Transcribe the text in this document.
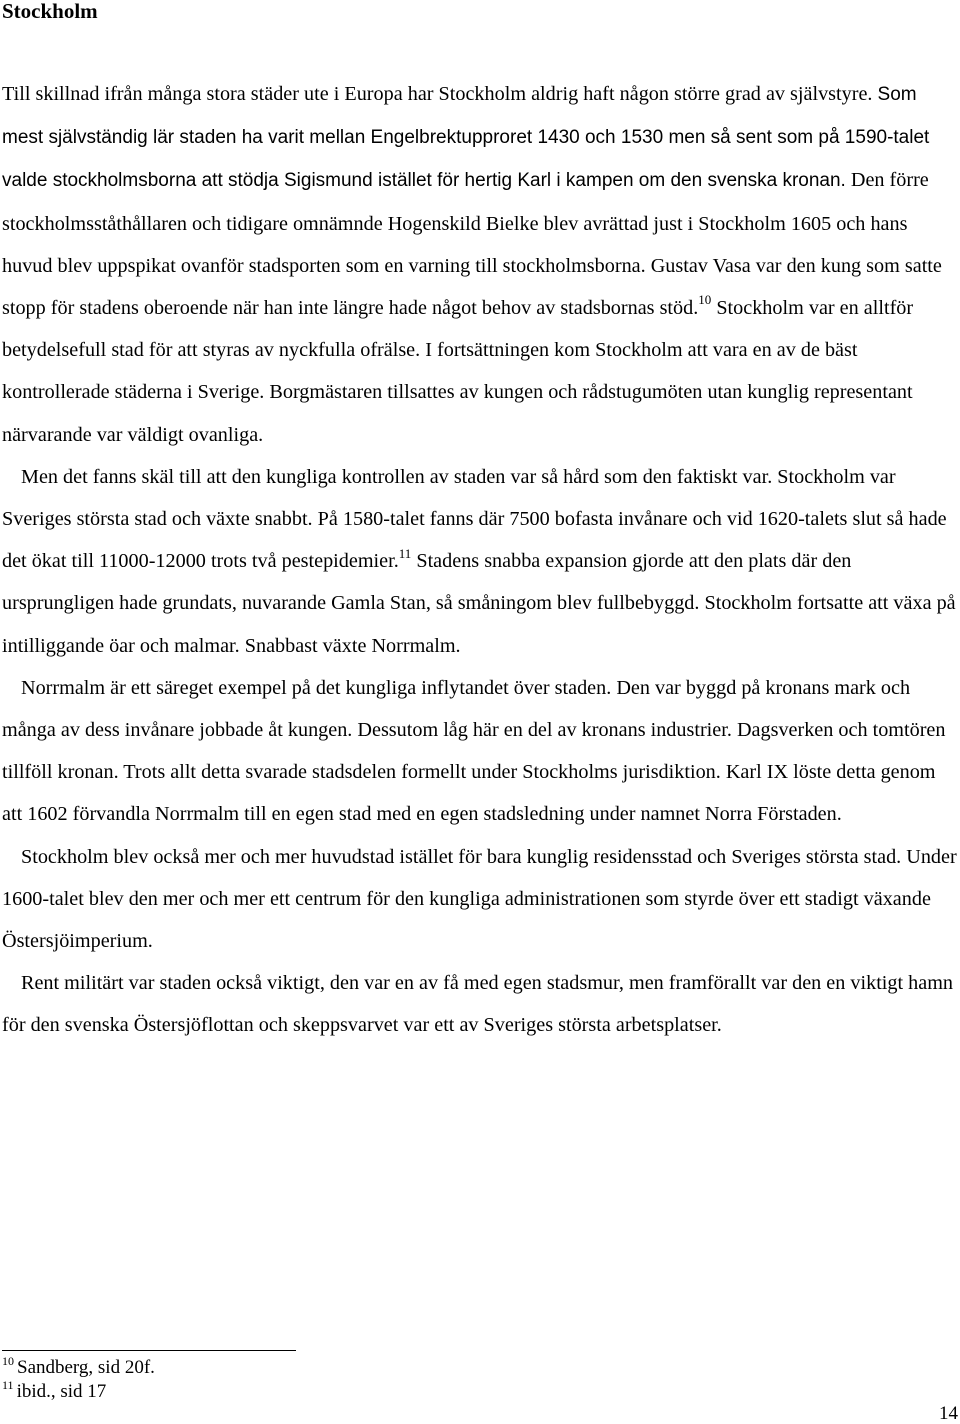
Stockholm

Till skillnad ifrån många stora städer ute i Europa har Stockholm aldrig haft någon större grad av självstyre. Som mest självständig lär staden ha varit mellan Engelbrektupproret 1430 och 1530 men så sent som på 1590-talet valde stockholmsborna att stödja Sigismund istället för hertig Karl i kampen om den svenska kronan. Den förre stockholmsståthållaren och tidigare omnämnde Hogenskild Bielke blev avrättad just i Stockholm 1605 och hans huvud blev uppspikat ovanför stadsporten som en varning till stockholmsborna. Gustav Vasa var den kung som satte stopp för stadens oberoende när han inte längre hade något behov av stadsbornas stöd.$^{10}$ Stockholm var en alltför betydelsefull stad för att styras av nyckfulla ofrälse. I fortsättningen kom Stockholm att vara en av de bäst kontrollerade städerna i Sverige. Borgmästaren tillsattes av kungen och rådstugumöten utan kunglig representant närvarande var väldigt ovanliga.

Men det fanns skäl till att den kungliga kontrollen av staden var så hård som den faktiskt var. Stockholm var Sveriges största stad och växte snabbt. På 1580-talet fanns där 7500 bofasta invånare och vid 1620-talets slut så hade det ökat till 11000-12000 trots två pestepidemier.$^{11}$ Stadens snabba expansion gjorde att den plats där den ursprungligen hade grundats, nuvarande Gamla Stan, så småningom blev fullbebyggd. Stockholm fortsatte att växa på intilliggande öar och malmar. Snabbast växte Norrmalm.

Norrmalm är ett säreget exempel på det kungliga inflytandet över staden. Den var byggd på kronans mark och många av dess invånare jobbade åt kungen. Dessutom låg här en del av kronans industrier. Dagsverken och tomtören tillföll kronan. Trots allt detta svarade stadsdelen formellt under Stockholms jurisdiktion. Karl IX löste detta genom att 1602 förvandla Norrmalm till en egen stad med en egen stadsledning under namnet Norra Förstaden.

Stockholm blev också mer och mer huvudstad istället för bara kunglig residensstad och Sveriges största stad. Under 1600-talet blev den mer och mer ett centrum för den kungliga administrationen som styrde över ett stadigt växande Östersjöimperium.

Rent militärt var staden också viktigt, den var en av få med egen stadsmur, men framförallt var den en viktigt hamn för den svenska Östersjöflottan och skeppsvarvet var ett av Sveriges största arbetsplatser.

$^{10}$ Sandberg, sid 20f.

$^{11}$ ibid., sid 17

14
